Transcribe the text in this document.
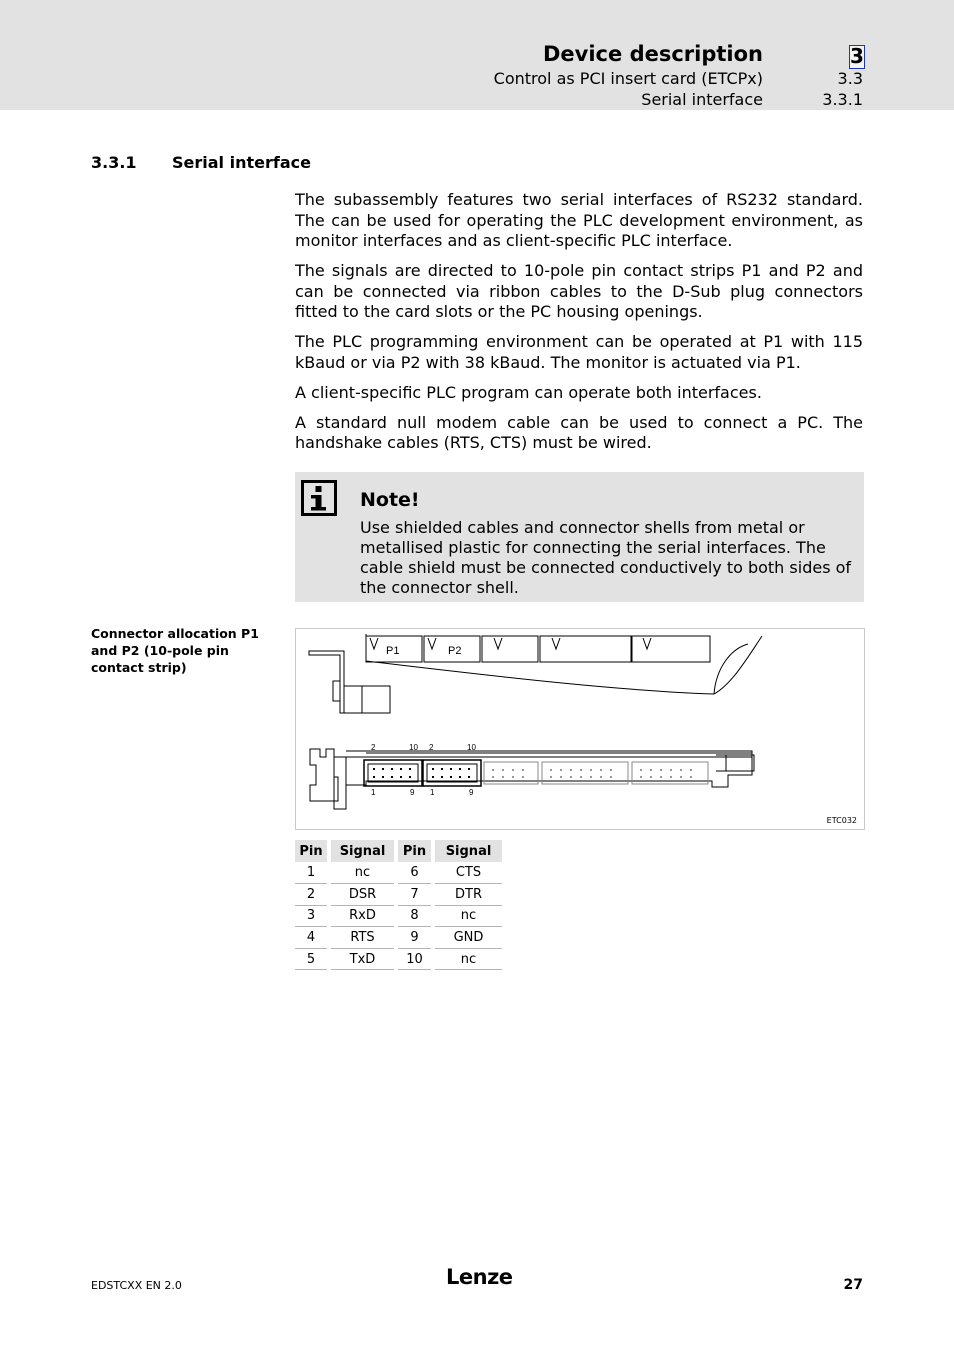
Device description	3
Control as PCI insert card (ETCPx)	3.3
Serial interface	3.3.1
3.3.1 Serial interface

The subassembly features two serial interfaces of RS232 standard. The can be used for operating the PLC development environment, as monitor interfaces and as client-specific PLC interface.

The signals are directed to 10-pole pin contact strips P1 and P2 and can be connected via ribbon cables to the D-Sub plug connectors fitted to the card slots or the PC housing openings.

The PLC programming environment can be operated at P1 with 115 kBaud or via P2 with 38 kBaud. The monitor is actuated via P1.

A client-specific PLC program can operate both interfaces.

A standard null modem cable can be used to connect a PC. The handshake cables (RTS, CTS) must be wired.

Note!
Use shielded cables and connector shells from metal or metallised plastic for connecting the serial interfaces. The cable shield must be connected conductively to both sides of the connector shell.
Connector allocation P1 and P2 (10-pole pin contact strip)
P1	P2
2	10 2	10
1	9 1	9
ETC032
Pin	Signal	Pin	Signal
1	nc	6	CTS
2	DSR	7	DTR
3	RxD	8	nc
4	RTS	9	GND
5	TxD	10	nc
EDSTCXX EN 2.0	Lenze	27
